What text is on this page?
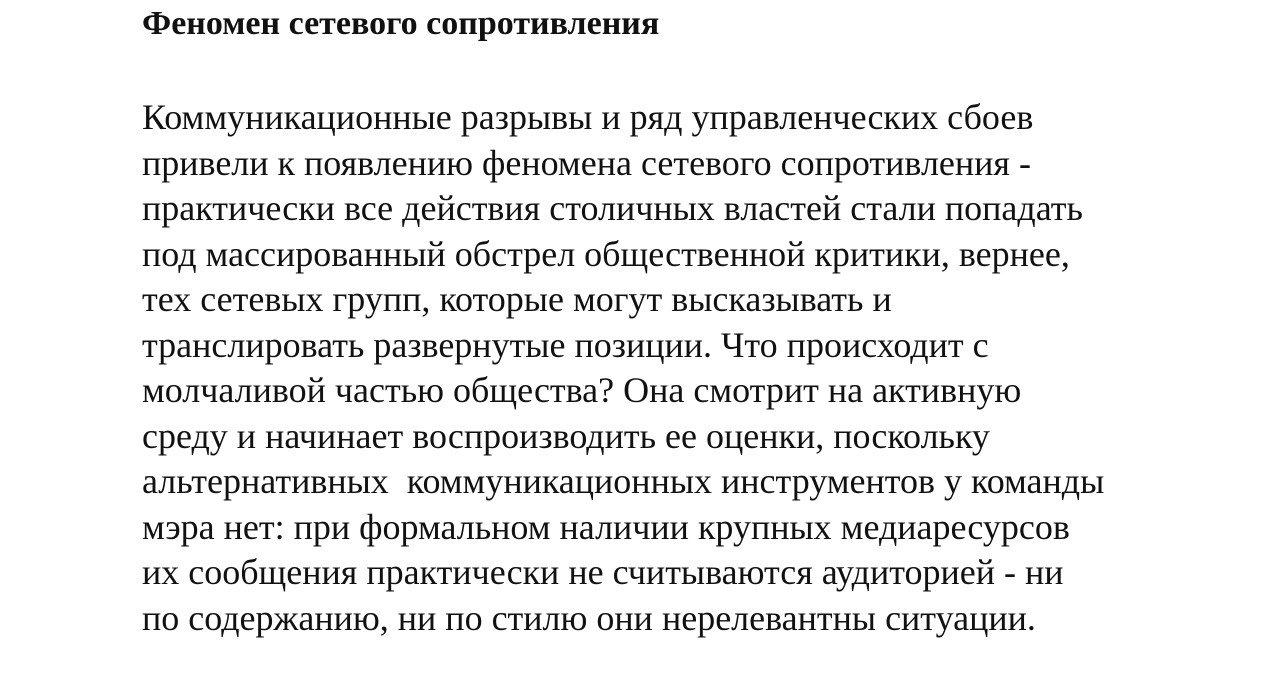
Феномен сетевого сопротивления
Коммуникационные разрывы и ряд управленческих сбоев
привели к появлению феномена сетевого сопротивления -
практически все действия столичных властей стали попадать
под массированный обстрел общественной критики, вернее,
тех сетевых групп, которые могут высказывать и
транслировать развернутые позиции. Что происходит с
молчаливой частью общества? Она смотрит на активную
среду и начинает воспроизводить ее оценки, поскольку
альтернативных  коммуникационных инструментов у команды
мэра нет: при формальном наличии крупных медиаресурсов
их сообщения практически не считываются аудиторией - ни
по содержанию, ни по стилю они нерелевантны ситуации.
